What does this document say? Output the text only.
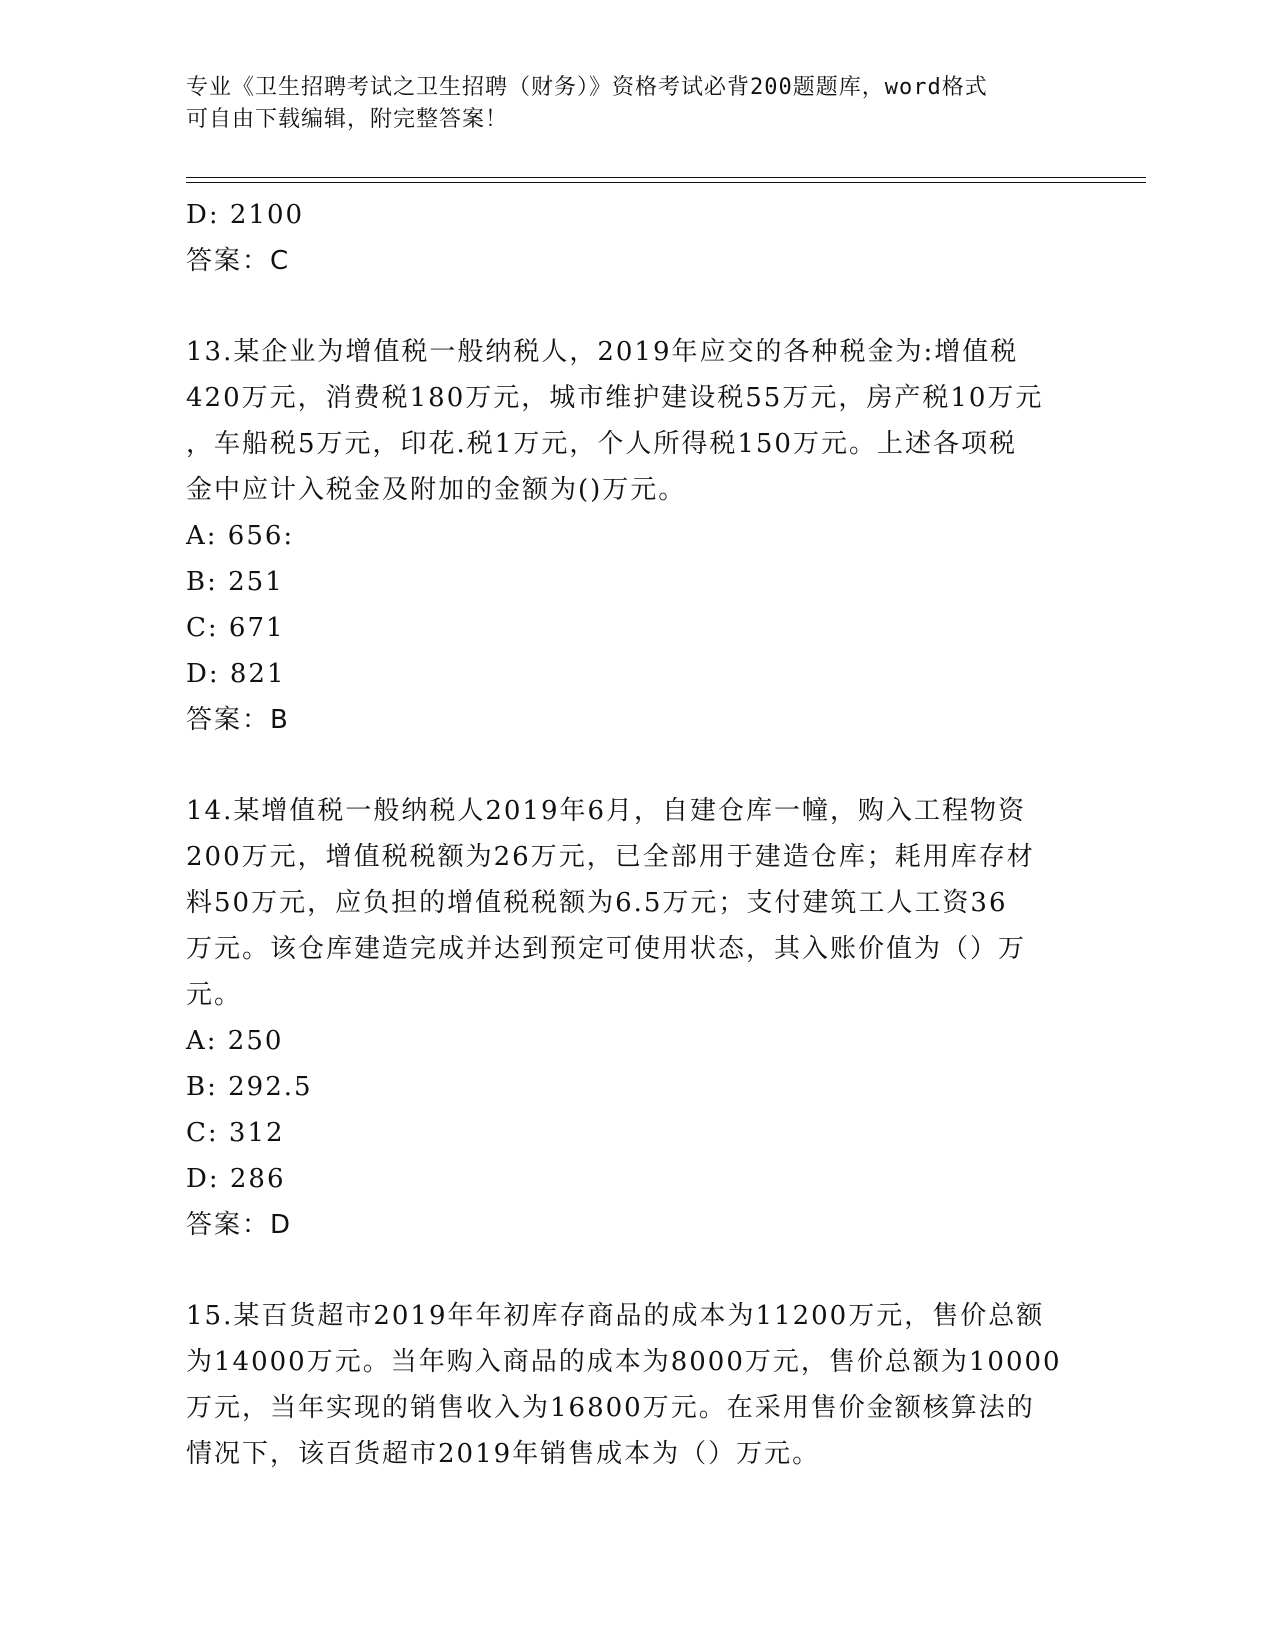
专业《卫生招聘考试之卫生招聘（财务）》资格考试必背200题题库，word格式
可自由下载编辑，附完整答案！
D: 2100
答案：C
13.某企业为增值税一般纳税人，2019年应交的各种税金为:增值税
420万元，消费税180万元，城市维护建设税55万元，房产税10万元
，车船税5万元，印花.税1万元，个人所得税150万元。上述各项税
金中应计入税金及附加的金额为()万元。
A: 656:
B: 251
C: 671
D: 821
答案：B
14.某增值税一般纳税人2019年6月，自建仓库一幢，购入工程物资
200万元，增值税税额为26万元，已全部用于建造仓库；耗用库存材
料50万元，应负担的增值税税额为6.5万元；支付建筑工人工资36
万元。该仓库建造完成并达到预定可使用状态，其入账价值为（）万
元。
A: 250
B: 292.5
C: 312
D: 286
答案：D
15.某百货超市2019年年初库存商品的成本为11200万元，售价总额
为14000万元。当年购入商品的成本为8000万元，售价总额为10000
万元，当年实现的销售收入为16800万元。在采用售价金额核算法的
情况下，该百货超市2019年销售成本为（）万元。
